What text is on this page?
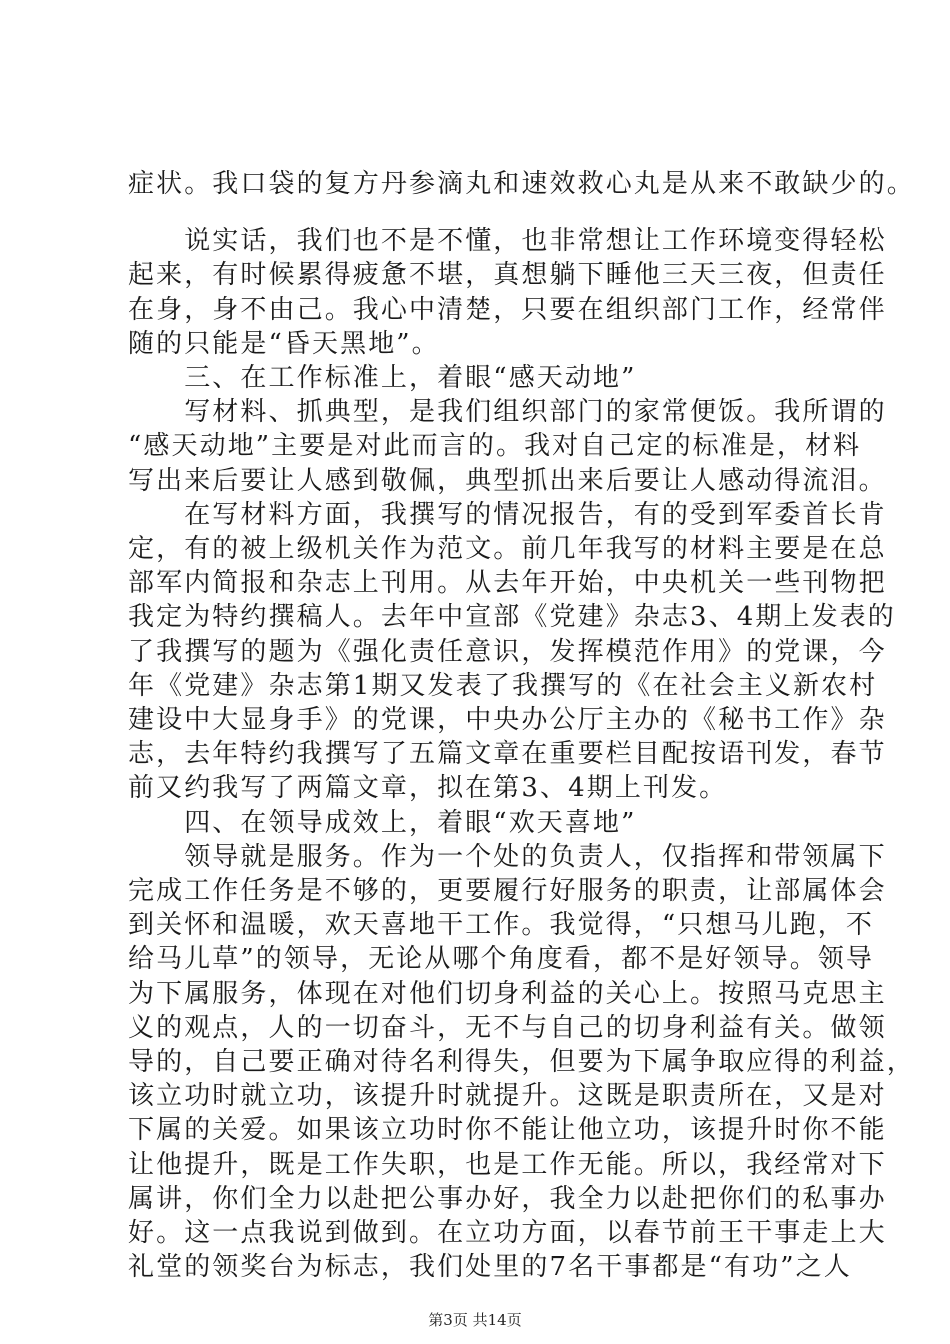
症状。我口袋的复方丹参滴丸和速效救心丸是从来不敢缺少的。
　　说实话，我们也不是不懂，也非常想让工作环境变得轻松
起来，有时候累得疲惫不堪，真想躺下睡他三天三夜，但责任
在身，身不由己。我心中清楚，只要在组织部门工作，经常伴
随的只能是“昏天黑地”。
　　三、在工作标准上，着眼“感天动地”
　　写材料、抓典型，是我们组织部门的家常便饭。我所谓的
“感天动地”主要是对此而言的。我对自己定的标准是，材料
写出来后要让人感到敬佩，典型抓出来后要让人感动得流泪。
　　在写材料方面，我撰写的情况报告，有的受到军委首长肯
定，有的被上级机关作为范文。前几年我写的材料主要是在总
部军内简报和杂志上刊用。从去年开始，中央机关一些刊物把
我定为特约撰稿人。去年中宣部《党建》杂志3、4期上发表的
了我撰写的题为《强化责任意识，发挥模范作用》的党课，今
年《党建》杂志第1期又发表了我撰写的《在社会主义新农村
建设中大显身手》的党课，中央办公厅主办的《秘书工作》杂
志，去年特约我撰写了五篇文章在重要栏目配按语刊发，春节
前又约我写了两篇文章，拟在第3、4期上刊发。
　　四、在领导成效上，着眼“欢天喜地”
　　领导就是服务。作为一个处的负责人，仅指挥和带领属下
完成工作任务是不够的，更要履行好服务的职责，让部属体会
到关怀和温暖，欢天喜地干工作。我觉得，“只想马儿跑，不
给马儿草”的领导，无论从哪个角度看，都不是好领导。领导
为下属服务，体现在对他们切身利益的关心上。按照马克思主
义的观点，人的一切奋斗，无不与自己的切身利益有关。做领
导的，自己要正确对待名利得失，但要为下属争取应得的利益，
该立功时就立功，该提升时就提升。这既是职责所在，又是对
下属的关爱。如果该立功时你不能让他立功，该提升时你不能
让他提升，既是工作失职，也是工作无能。所以，我经常对下
属讲，你们全力以赴把公事办好，我全力以赴把你们的私事办
好。这一点我说到做到。在立功方面，以春节前王干事走上大
礼堂的领奖台为标志，我们处里的7名干事都是“有功”之人
第3页 共14页
